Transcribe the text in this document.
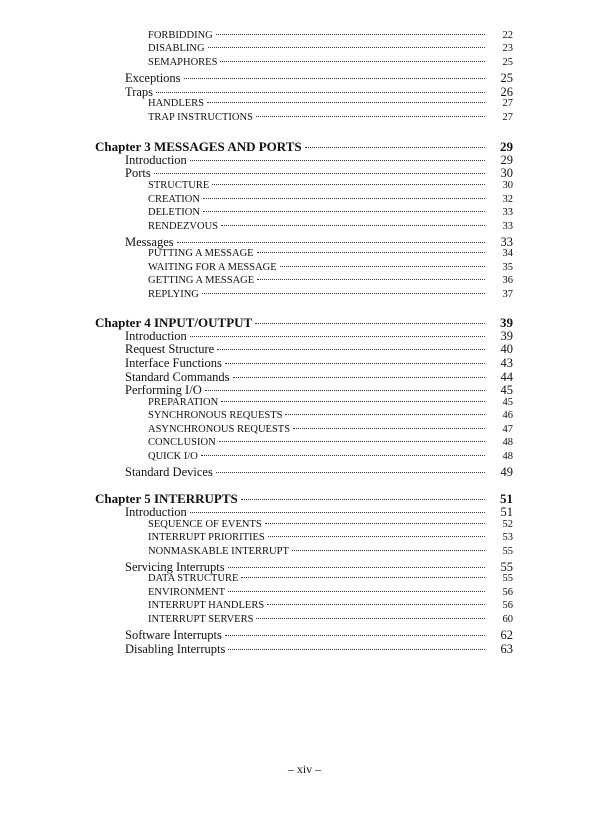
FORBIDDING	22
DISABLING	23
SEMAPHORES	25
Exceptions	25
Traps	26
HANDLERS	27
TRAP INSTRUCTIONS	27
Chapter 3 MESSAGES AND PORTS	29
Introduction	29
Ports	30
STRUCTURE	30
CREATION	32
DELETION	33
RENDEZVOUS	33
Messages	33
PUTTING A MESSAGE	34
WAITING FOR A MESSAGE	35
GETTING A MESSAGE	36
REPLYING	37
Chapter 4 INPUT/OUTPUT	39
Introduction	39
Request Structure	40
Interface Functions	43
Standard Commands	44
Performing I/O	45
PREPARATION	45
SYNCHRONOUS REQUESTS	46
ASYNCHRONOUS REQUESTS	47
CONCLUSION	48
QUICK I/O	48
Standard Devices	49
Chapter 5 INTERRUPTS	51
Introduction	51
SEQUENCE OF EVENTS	52
INTERRUPT PRIORITIES	53
NONMASKABLE INTERRUPT	55
Servicing Interrupts	55
DATA STRUCTURE	55
ENVIRONMENT	56
INTERRUPT HANDLERS	56
INTERRUPT SERVERS	60
Software Interrupts	62
Disabling Interrupts	63
– xiv –
